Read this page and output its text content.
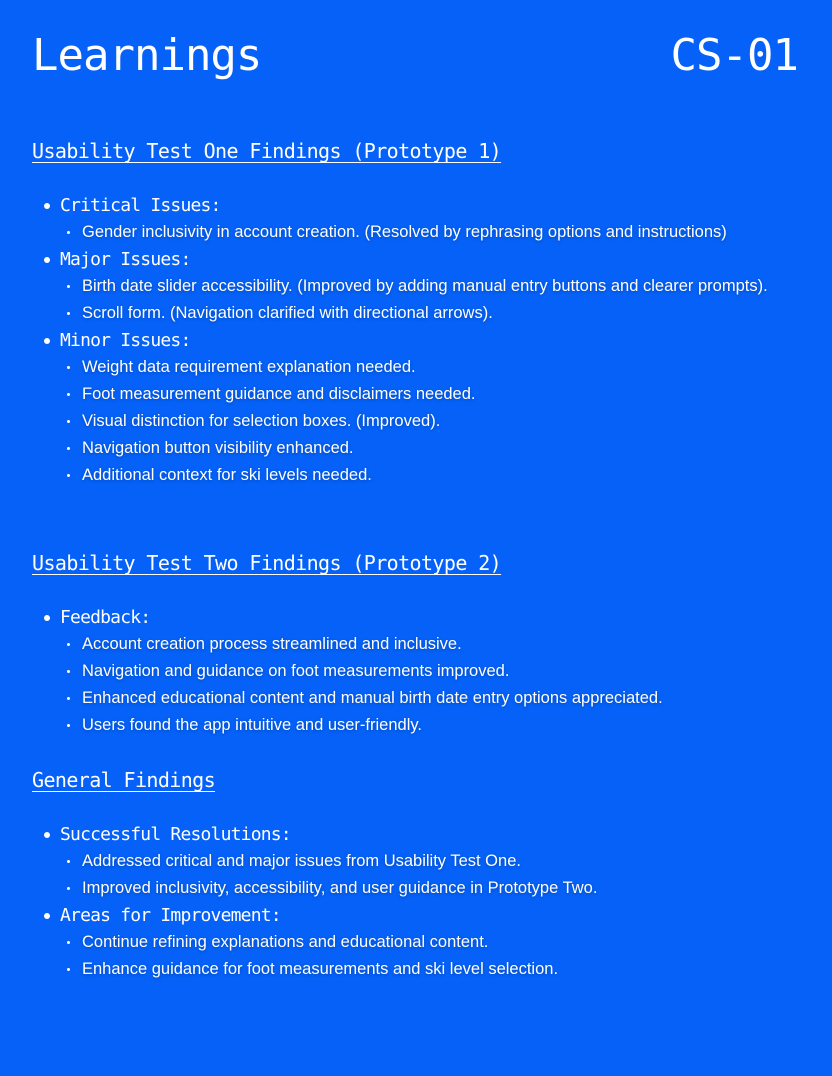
Learnings	CS-01
Usability Test One Findings (Prototype 1)
Critical Issues:
Gender inclusivity in account creation. (Resolved by rephrasing options and instructions)
Major Issues:
Birth date slider accessibility. (Improved by adding manual entry buttons and clearer prompts).
Scroll form. (Navigation clarified with directional arrows).
Minor Issues:
Weight data requirement explanation needed.
Foot measurement guidance and disclaimers needed.
Visual distinction for selection boxes. (Improved).
Navigation button visibility enhanced.
Additional context for ski levels needed.
Usability Test Two Findings (Prototype 2)
Feedback:
Account creation process streamlined and inclusive.
Navigation and guidance on foot measurements improved.
Enhanced educational content and manual birth date entry options appreciated.
Users found the app intuitive and user-friendly.
General Findings
Successful Resolutions:
Addressed critical and major issues from Usability Test One.
Improved inclusivity, accessibility, and user guidance in Prototype Two.
Areas for Improvement:
Continue refining explanations and educational content.
Enhance guidance for foot measurements and ski level selection.
